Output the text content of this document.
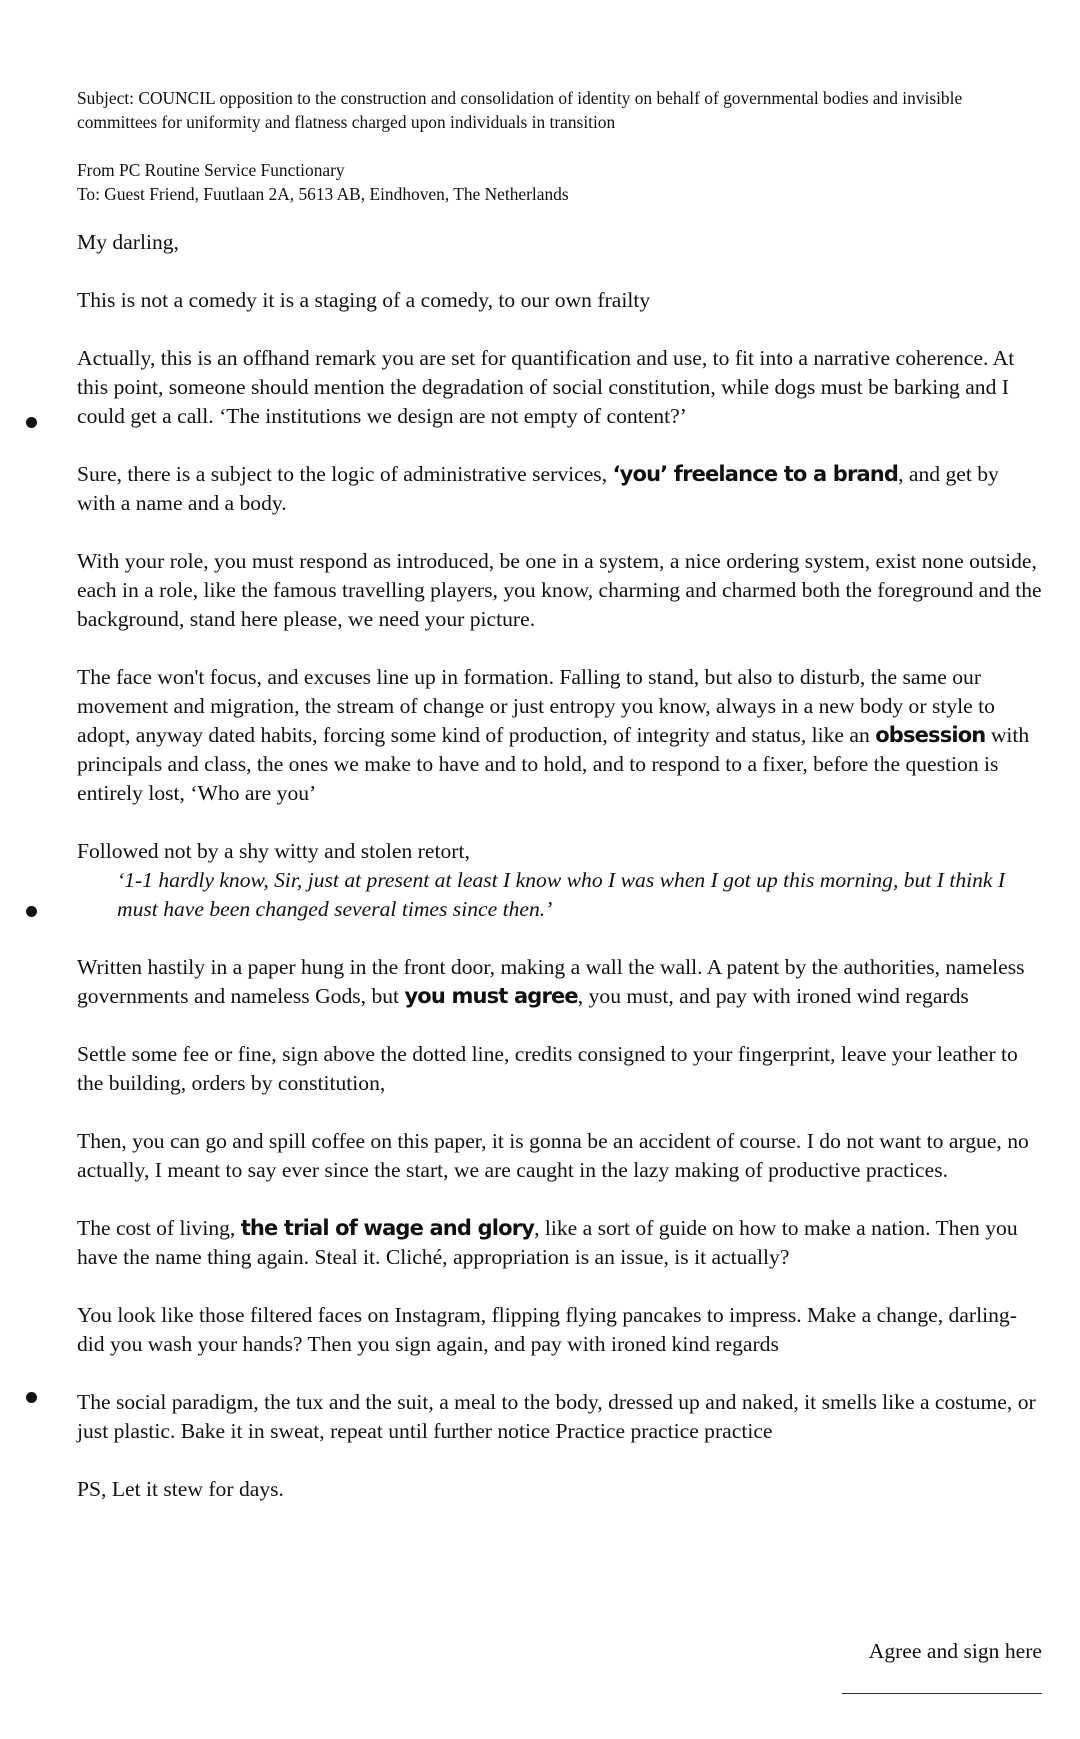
Subject: COUNCIL opposition to the construction and consolidation of identity on behalf of governmental bodies and invisible committees for uniformity and flatness charged upon individuals in transition

From PC Routine Service Functionary

To: Guest Friend, Fuutlaan 2A, 5613 AB, Eindhoven, The Netherlands

My darling,

This is not a comedy it is a staging of a comedy, to our own frailty

Actually, this is an offhand remark you are set for quantification and use, to fit into a narrative coherence. At this point, someone should mention the degradation of social constitution, while dogs must be barking and I could get a call. ‘The institutions we design are not empty of content?’

Sure, there is a subject to the logic of administrative services, ‘you’ freelance to a brand, and get by with a name and a body.

With your role, you must respond as introduced, be one in a system, a nice ordering system, exist none outside, each in a role, like the famous travelling players, you know, charming and charmed both the foreground and the background, stand here please, we need your picture.

The face won't focus, and excuses line up in formation. Falling to stand, but also to disturb, the same our movement and migration, the stream of change or just entropy you know, always in a new body or style to adopt, anyway dated habits, forcing some kind of production, of integrity and status, like an obsession with principals and class, the ones we make to have and to hold, and to respond to a fixer, before the question is entirely lost, ‘Who are you’

Followed not by a shy witty and stolen retort,
‘1-1 hardly know, Sir, just at present at least I know who I was when I got up this morning, but I think I must have been changed several times since then.’

Written hastily in a paper hung in the front door, making a wall the wall. A patent by the authorities, nameless governments and nameless Gods, but you must agree, you must, and pay with ironed wind regards

Settle some fee or fine, sign above the dotted line, credits consigned to your fingerprint, leave your leather to the building, orders by constitution,

Then, you can go and spill coffee on this paper, it is gonna be an accident of course. I do not want to argue, no actually, I meant to say ever since the start, we are caught in the lazy making of productive practices.

The cost of living, the trial of wage and glory, like a sort of guide on how to make a nation. Then you have the name thing again. Steal it. Cliché, appropriation is an issue, is it actually?

You look like those filtered faces on Instagram, flipping flying pancakes to impress. Make a change, darling-did you wash your hands? Then you sign again, and pay with ironed kind regards

The social paradigm, the tux and the suit, a meal to the body, dressed up and naked, it smells like a costume, or just plastic. Bake it in sweat, repeat until further notice Practice practice practice

PS, Let it stew for days.

Agree and sign here
